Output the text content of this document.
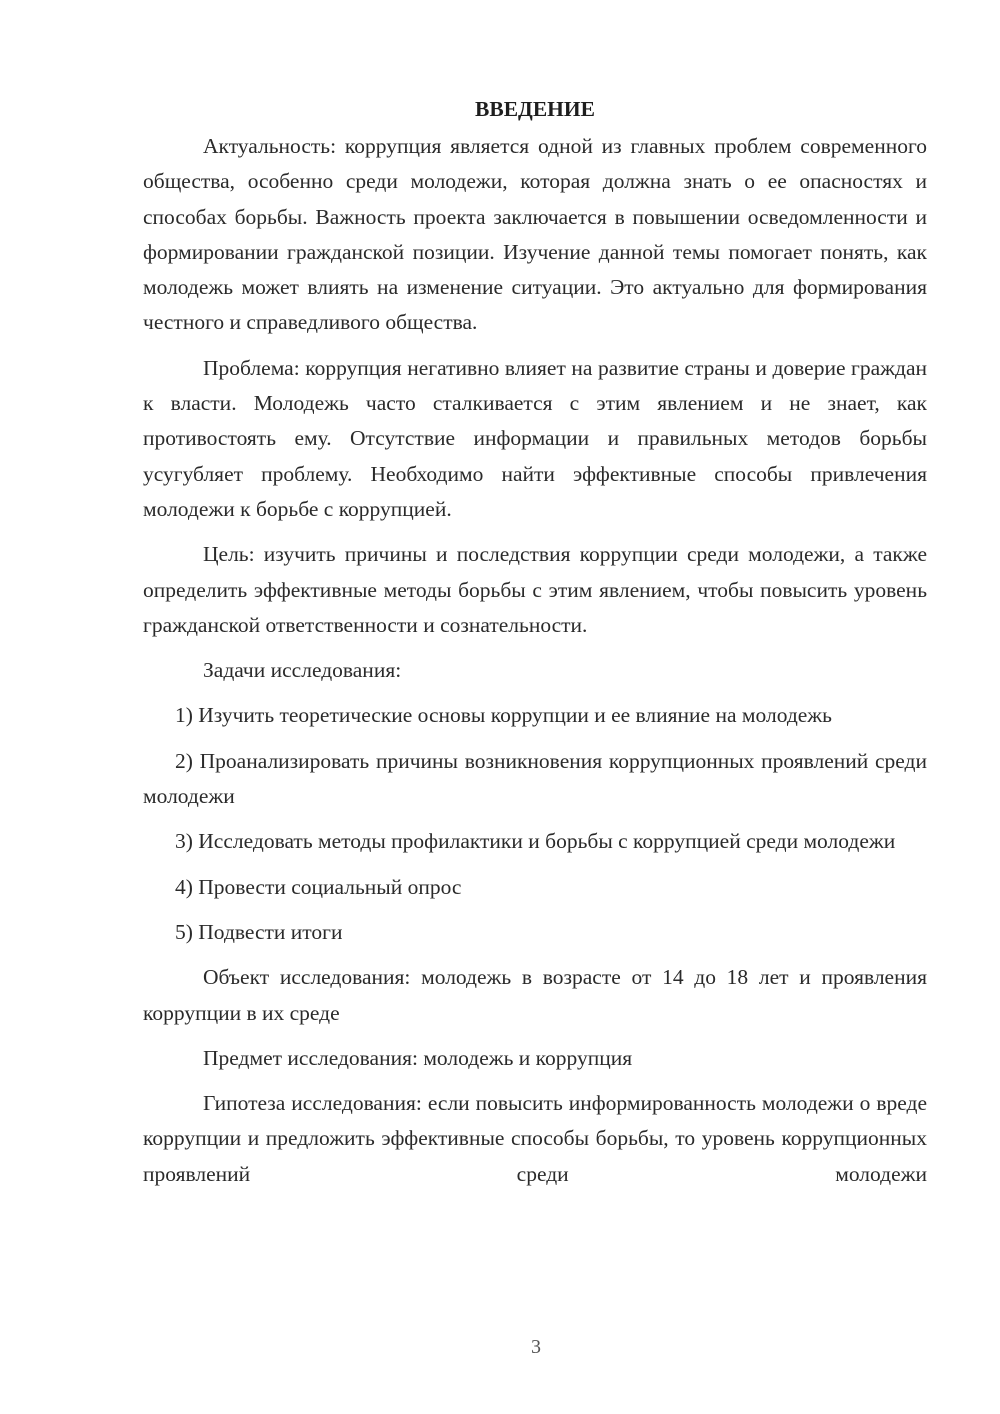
ВВЕДЕНИЕ

Актуальность: коррупция является одной из главных проблем современного общества, особенно среди молодежи, которая должна знать о ее опасностях и способах борьбы. Важность проекта заключается в повышении осведомленности и формировании гражданской позиции. Изучение данной темы помогает понять, как молодежь может влиять на изменение ситуации. Это актуально для формирования честного и справедливого общества.

Проблема: коррупция негативно влияет на развитие страны и доверие граждан к власти. Молодежь часто сталкивается с этим явлением и не знает, как противостоять ему. Отсутствие информации и правильных методов борьбы усугубляет проблему. Необходимо найти эффективные способы привлечения молодежи к борьбе с коррупцией.

Цель: изучить причины и последствия коррупции среди молодежи, а также определить эффективные методы борьбы с этим явлением, чтобы повысить уровень гражданской ответственности и сознательности.

Задачи исследования:

1) Изучить теоретические основы коррупции и ее влияние на молодежь

2) Проанализировать причины возникновения коррупционных проявлений среди молодежи

3) Исследовать методы профилактики и борьбы с коррупцией среди молодежи

4) Провести социальный опрос

5) Подвести итоги

Объект исследования: молодежь в возрасте от 14 до 18 лет и проявления коррупции в их среде

Предмет исследования: молодежь и коррупция

Гипотеза исследования: если повысить информированность молодежи о вреде коррупции и предложить эффективные способы борьбы, то уровень коррупционных проявлений среди молодежи

3
